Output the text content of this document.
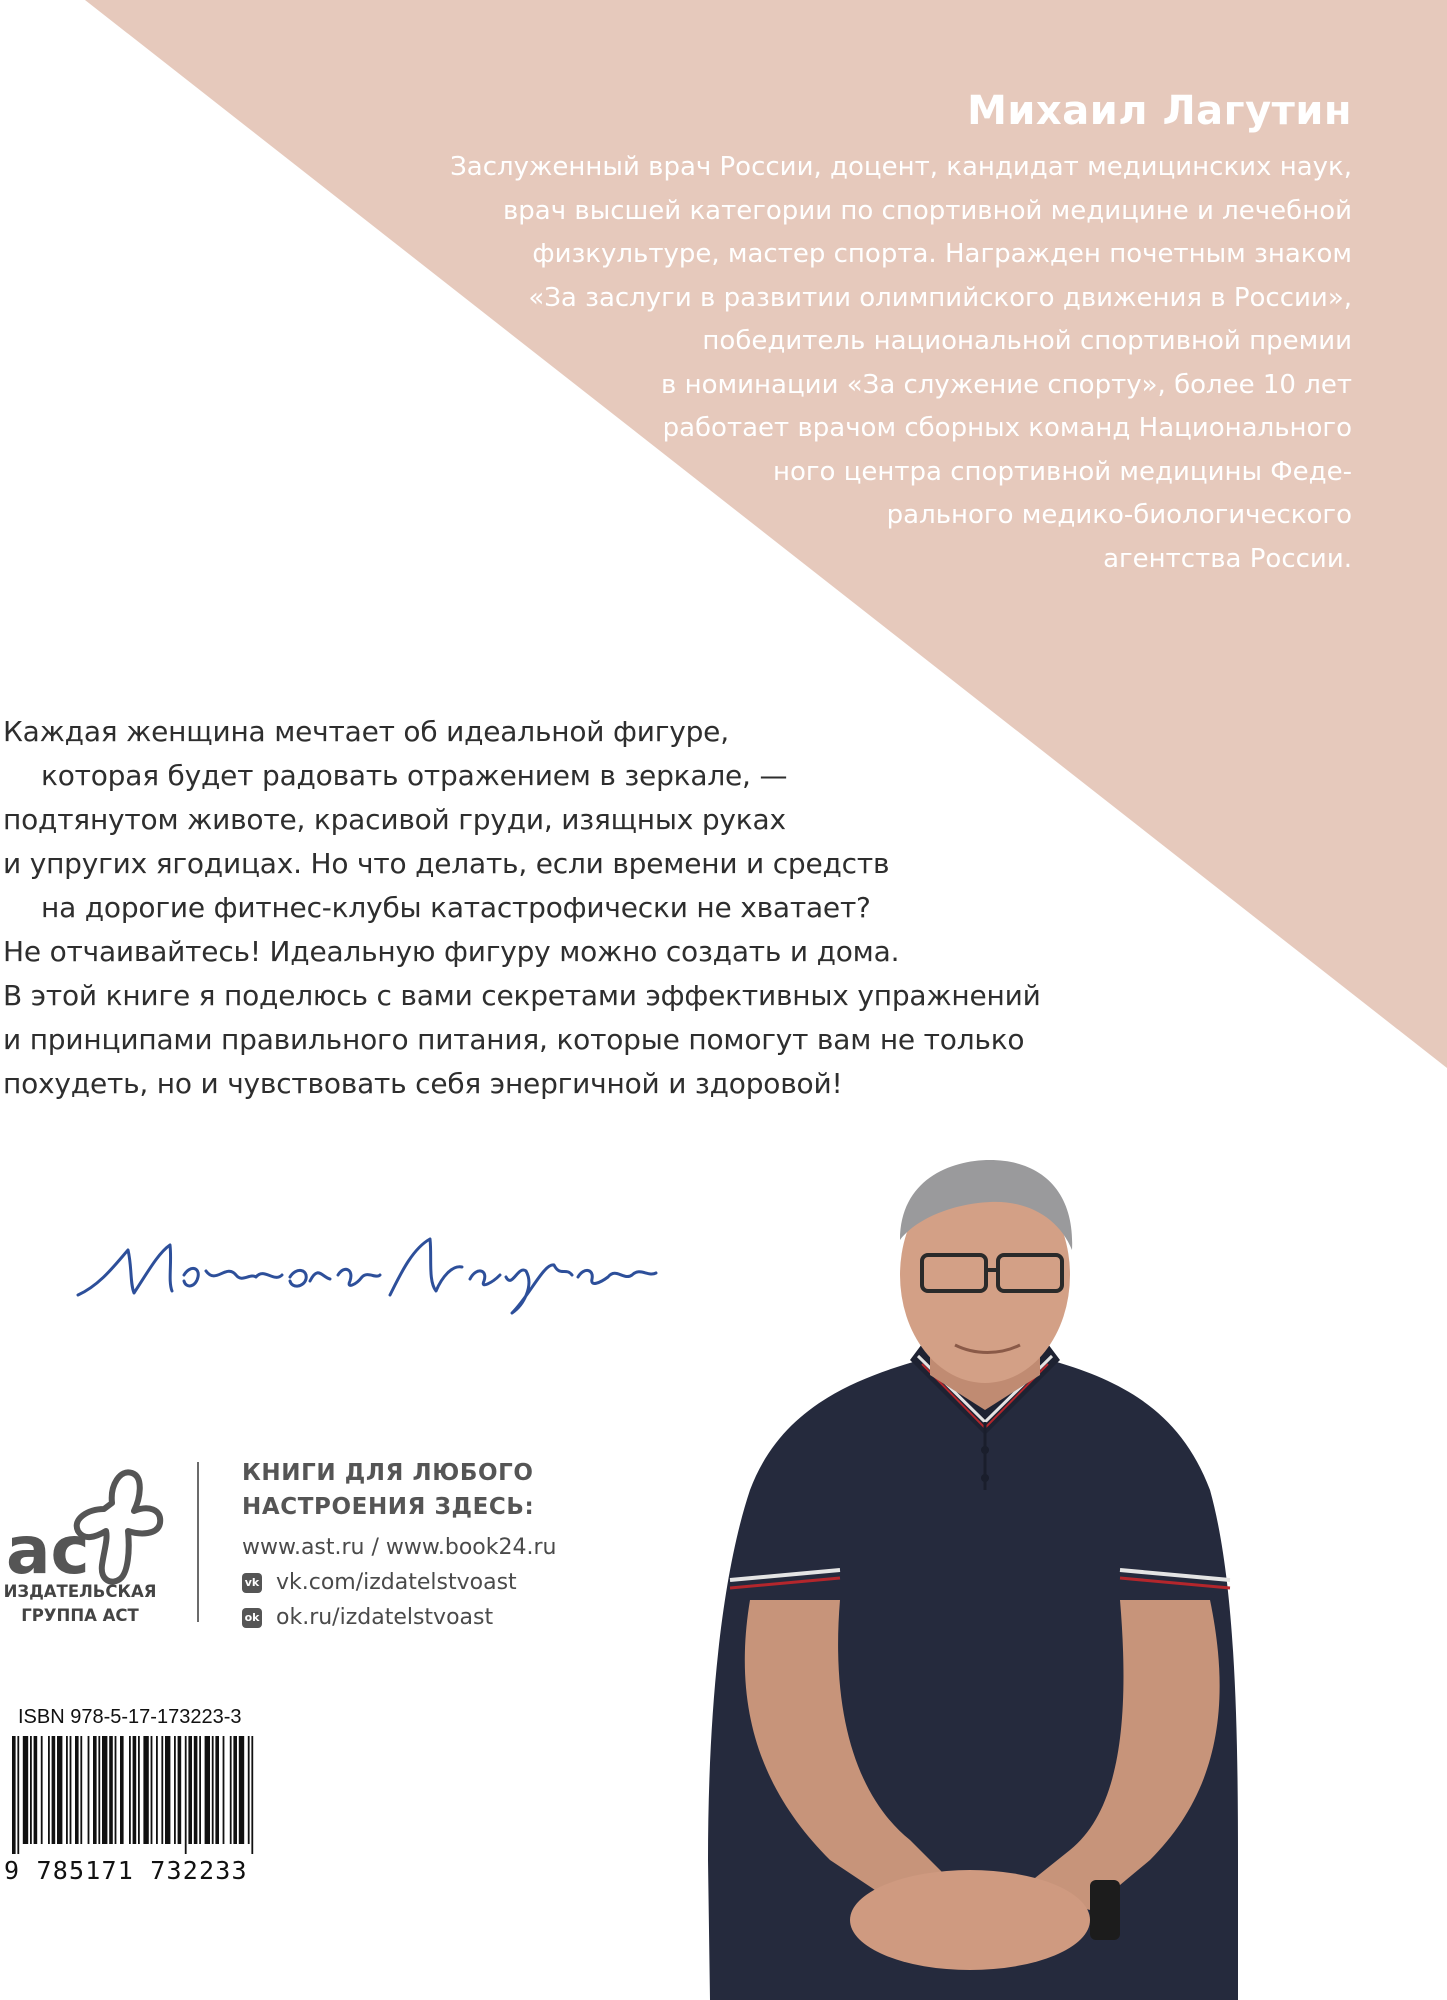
Михаил Лагутин
Заслуженный врач России, доцент, кандидат медицинских наук,
врач высшей категории по спортивной медицине и лечебной
физкультуре, мастер спорта. Награжден почетным знаком
«За заслуги в развитии олимпийского движения в России»,
победитель национальной спортивной премии
в номинации «За служение спорту», более 10 лет
работает врачом сборных команд Национального
ного центра спортивной медицины Феде-
рального медико-биологического
агентства России.
Каждая женщина мечтает об идеальной фигуре,
которая будет радовать отражением в зеркале, —
подтянутом животе, красивой груди, изящных руках
и упругих ягодицах. Но что делать, если времени и средств
на дорогие фитнес-клубы катастрофически не хватает?
Не отчаивайтесь! Идеальную фигуру можно создать и дома.
В этой книге я поделюсь с вами секретами эффективных упражнений
и принципами правильного питания, которые помогут вам не только
похудеть, но и чувствовать себя энергичной и здоровой!
ac
ИЗДАТЕЛЬСКАЯ
ГРУППА АСТ
КНИГИ ДЛЯ ЛЮБОГО
НАСТРОЕНИЯ ЗДЕСЬ:
www.ast.ru / www.book24.ru
vk vk.com/izdatelstvoast
ok ok.ru/izdatelstvoast
ISBN 978-5-17-173223-3
9 785171 732233
